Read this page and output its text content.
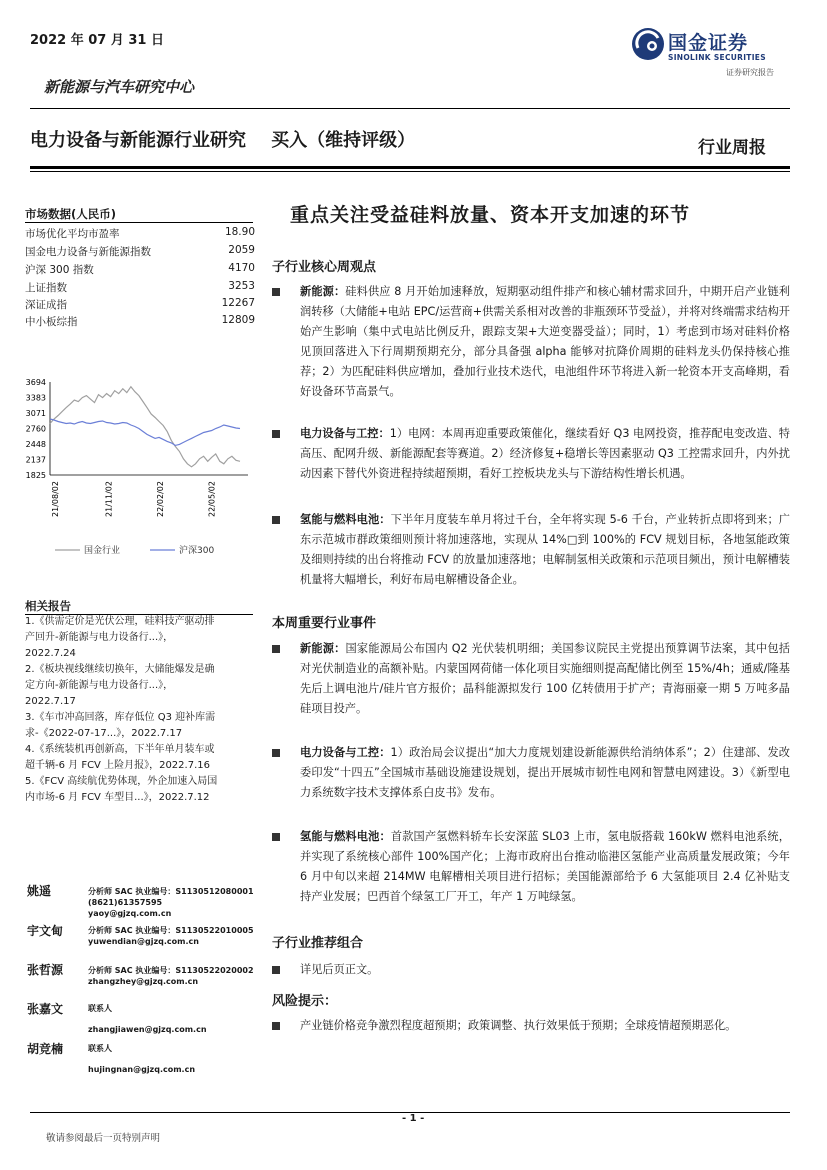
2022 年 07 月 31 日
新能源与汽车研究中心
国金证券
SINOLINK SECURITIES
证券研究报告
电力设备与新能源行业研究    买入（维持评级）	行业周报
市场数据(人民币)
市场优化平均市盈率	18.90
国金电力设备与新能源指数	2059
沪深 300 指数	4170
上证指数	3253
深证成指	12267
中小板综指	12809
3694
3383
3071
2760
2448
2137
1825
21/08/02	21/11/02	22/02/02	22/05/02
国金行业	沪深300
相关报告
1.《供需定价是光伏公理，硅料技产驱动排
产回升-新能源与电力设备行...》，
2022.7.24
2.《板块视线继续切换年，大储能爆发是确
定方向-新能源与电力设备行...》，
2022.7.17
3.《车市冲高回落，库存低位 Q3 迎补库需
求-《2022-07-17...》，2022.7.17
4.《系统装机再创新高，下半年单月装车或
超千辆-6 月 FCV 上险月报》，2022.7.16
5.《FCV 高续航优势体现，外企加速入局国
内市场-6 月 FCV 车型目...》，2022.7.12
姚遥	分析师 SAC 执业编号：S1130512080001
(8621)61357595
yaoy@gjzq.com.cn
宇文甸	分析师 SAC 执业编号：S1130522010005
yuwendian@gjzq.com.cn
张哲源	分析师 SAC 执业编号：S1130522020002
zhangzhey@gjzq.com.cn
张嘉文	联系人
zhangjiawen@gjzq.com.cn
胡竞楠	联系人
hujingnan@gjzq.com.cn
重点关注受益硅料放量、资本开支加速的环节
子行业核心周观点
新能源：硅料供应 8 月开始加速释放，短期驱动组件排产和核心辅材需求回升，中期开启产业链利润转移（大储能+电站 EPC/运营商+供需关系相对改善的非瓶颈环节受益），并将对终端需求结构开始产生影响（集中式电站比例反升，跟踪支架+大逆变器受益）；同时，1）考虑到市场对硅料价格见顶回落进入下行周期预期充分，部分具备强 alpha 能够对抗降价周期的硅料龙头仍保持核心推荐；2）为匹配硅料供应增加，叠加行业技术迭代，电池组件环节将进入新一轮资本开支高峰期，看好设备环节高景气。
电力设备与工控：1）电网：本周再迎重要政策催化，继续看好 Q3 电网投资，推荐配电变改造、特高压、配网升级、新能源配套等赛道。2）经济修复+稳增长等因素驱动 Q3 工控需求回升，内外扰动因素下替代外资进程持续超预期，看好工控板块龙头与下游结构性增长机遇。
氢能与燃料电池：下半年月度装车单月将过千台，全年将实现 5-6 千台，产业转折点即将到来；广东示范城市群政策细则预计将加速落地，实现从 14%□到 100%的 FCV 规划目标，各地氢能政策及细则持续的出台将推动 FCV 的放量加速落地；电解制氢相关政策和示范项目频出，预计电解槽装机量将大幅增长，利好布局电解槽设备企业。
本周重要行业事件
新能源：国家能源局公布国内 Q2 光伏装机明细；美国参议院民主党提出预算调节法案，其中包括对光伏制造业的高额补贴。内蒙国网荷储一体化项目实施细则提高配储比例至 15%/4h；通威/隆基先后上调电池片/硅片官方报价；晶科能源拟发行 100 亿转债用于扩产；青海丽豪一期 5 万吨多晶硅项目投产。
电力设备与工控：1）政治局会议提出“加大力度规划建设新能源供给消纳体系”；2）住建部、发改委印发“十四五”全国城市基础设施建设规划，提出开展城市韧性电网和智慧电网建设。3）《新型电力系统数字技术支撑体系白皮书》发布。
氢能与燃料电池：首款国产氢燃料轿车长安深蓝 SL03 上市，氢电版搭载 160kW 燃料电池系统，并实现了系统核心部件 100%国产化；上海市政府出台推动临港区氢能产业高质量发展政策；今年 6 月中旬以来超 214MW 电解槽相关项目进行招标；美国能源部给予 6 大氢能项目 2.4 亿补贴支持产业发展；巴西首个绿氢工厂开工，年产 1 万吨绿氢。
子行业推荐组合
详见后页正文。
风险提示：
产业链价格竞争激烈程度超预期；政策调整、执行效果低于预期；全球疫情超预期恶化。
- 1 -
敬请参阅最后一页特别声明
